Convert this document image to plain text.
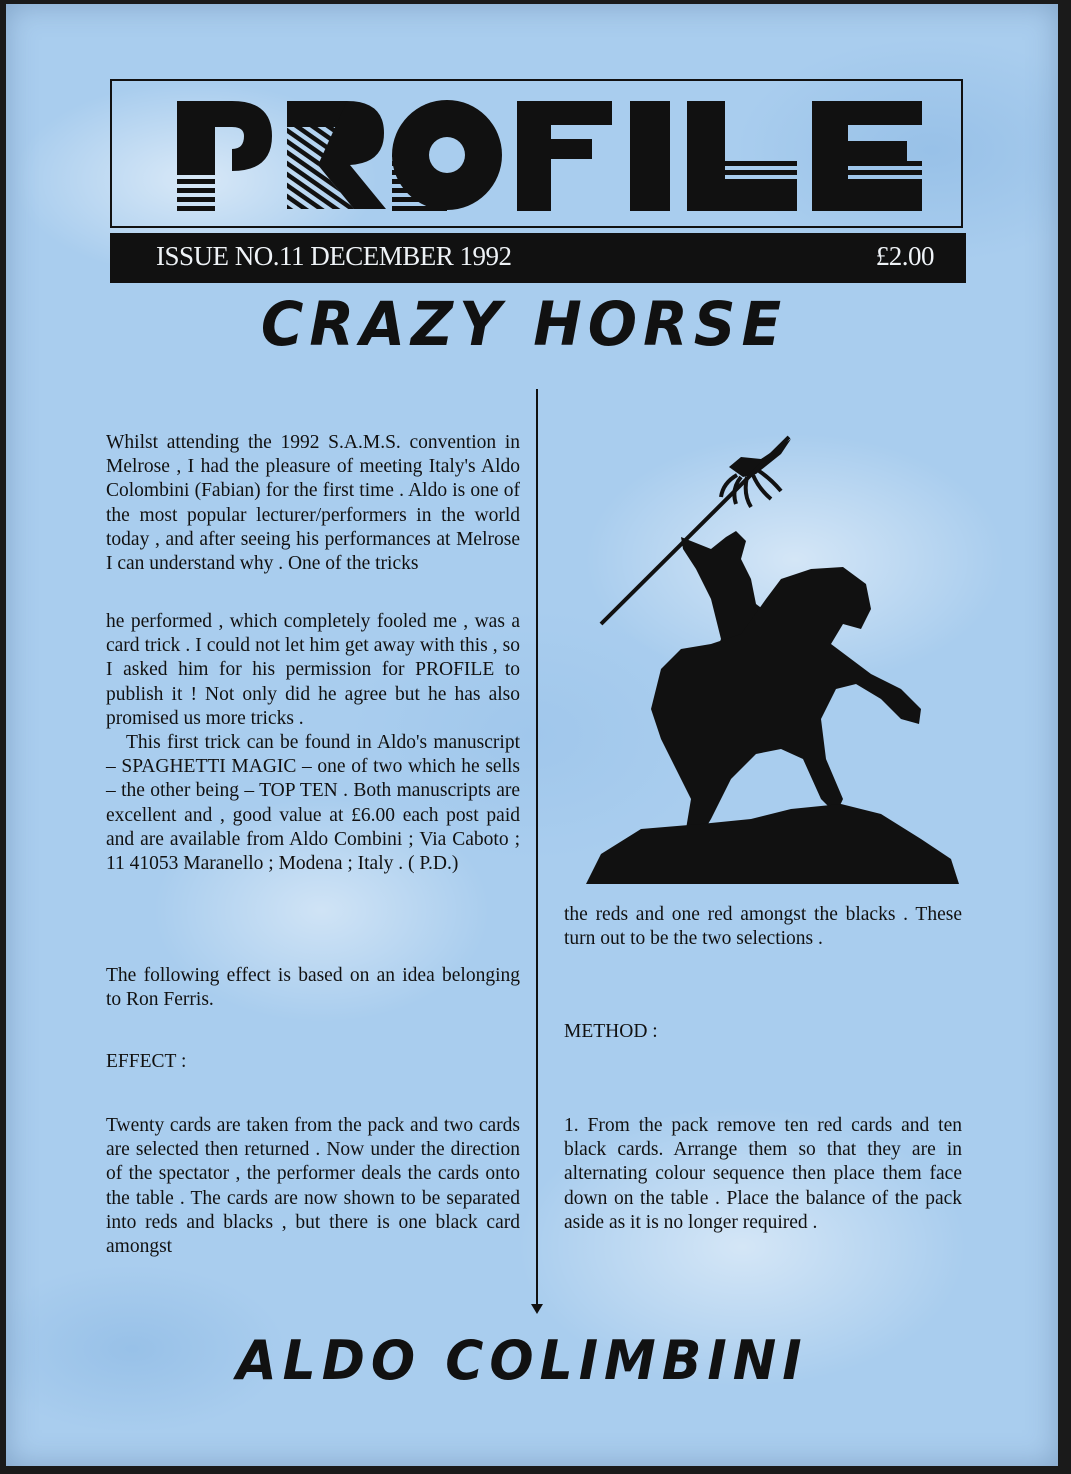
ISSUE NO.11 DECEMBER 1992	£2.00
CRAZY HORSE

Whilst attending the 1992 S.A.M.S. convention in Melrose , I had the pleasure of meeting Italy's Aldo Colombini (Fabian) for the first time . Aldo is one of the most popular lecturer/performers in the world today , and after seeing his performances at Melrose I can understand why . One of the tricks

he performed , which completely fooled me , was a card trick . I could not let him get away with this , so I asked him for his permission for PROFILE to publish it ! Not only did he agree but he has also promised us more tricks .

This first trick can be found in Aldo's manuscript – SPAGHETTI MAGIC – one of two which he sells – the other being – TOP TEN . Both manuscripts are excellent and , good value at £6.00 each post paid and are available from Aldo Combini ; Via Caboto ; 11 41053 Maranello ; Modena ; Italy . ( P.D.)

The following effect is based on an idea belonging to Ron Ferris.

EFFECT :

Twenty cards are taken from the pack and two cards are selected then returned . Now under the direction of the spectator , the performer deals the cards onto the table . The cards are now shown to be separated into reds and blacks , but there is one black card amongst

the reds and one red amongst the blacks . These turn out to be the two selections .

METHOD :

1. From the pack remove ten red cards and ten black cards. Arrange them so that they are in alternating colour sequence then place them face down on the table . Place the balance of the pack aside as it is no longer required .

ALDO COLIMBINI
